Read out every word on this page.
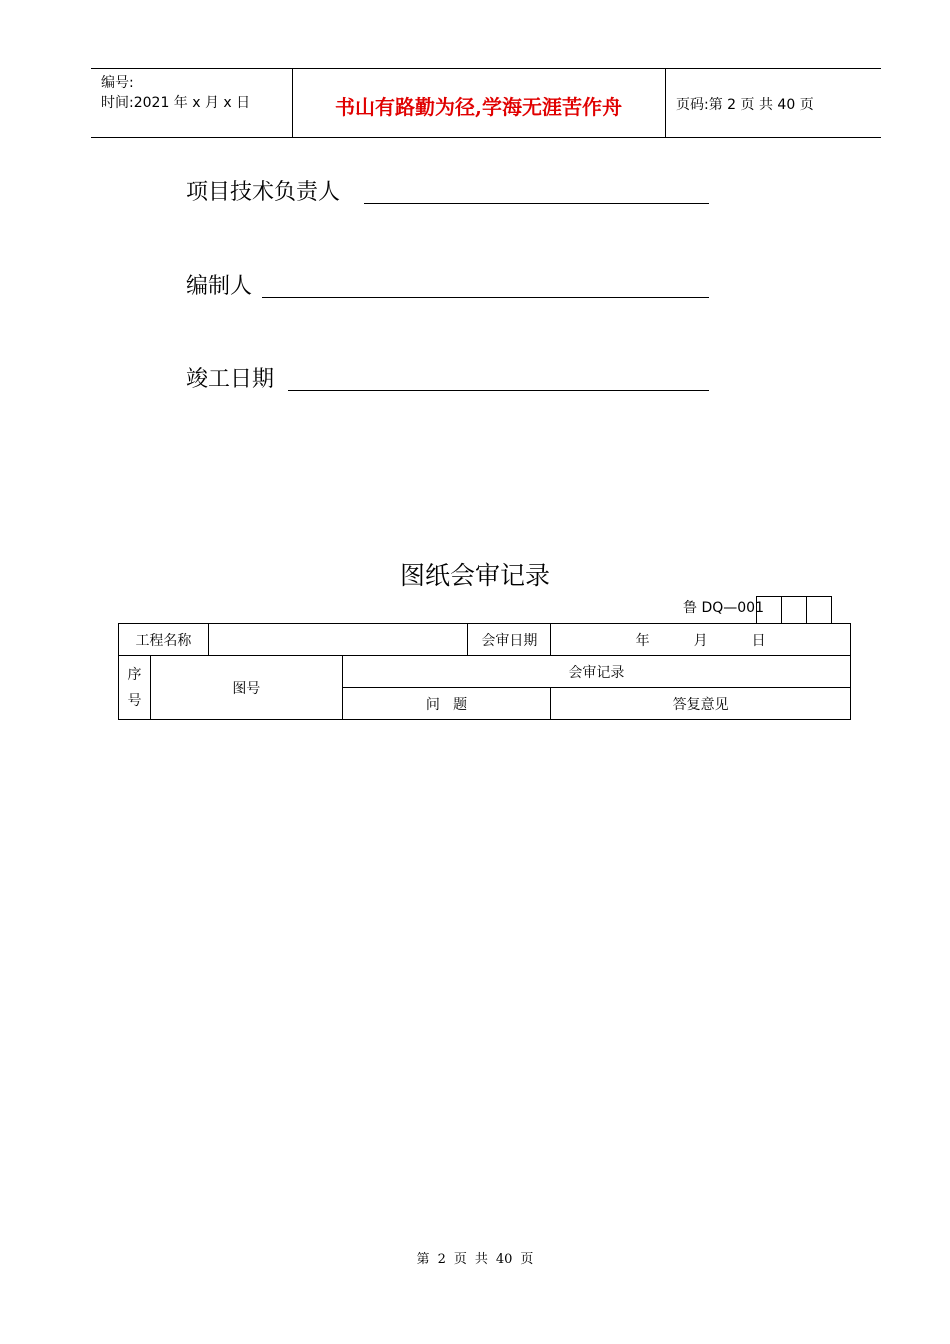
编号:
时间:2021 年 x 月 x 日	书山有路勤为径,学海无涯苦作舟	页码:第 2 页 共 40 页
项目技术负责人
编制人
竣工日期
图纸会审记录
鲁 DQ—001
工程名称				会审日期	年 月 日
序
号	图号		会审记录		
			问   题		答复意见
第 2 页 共 40 页
